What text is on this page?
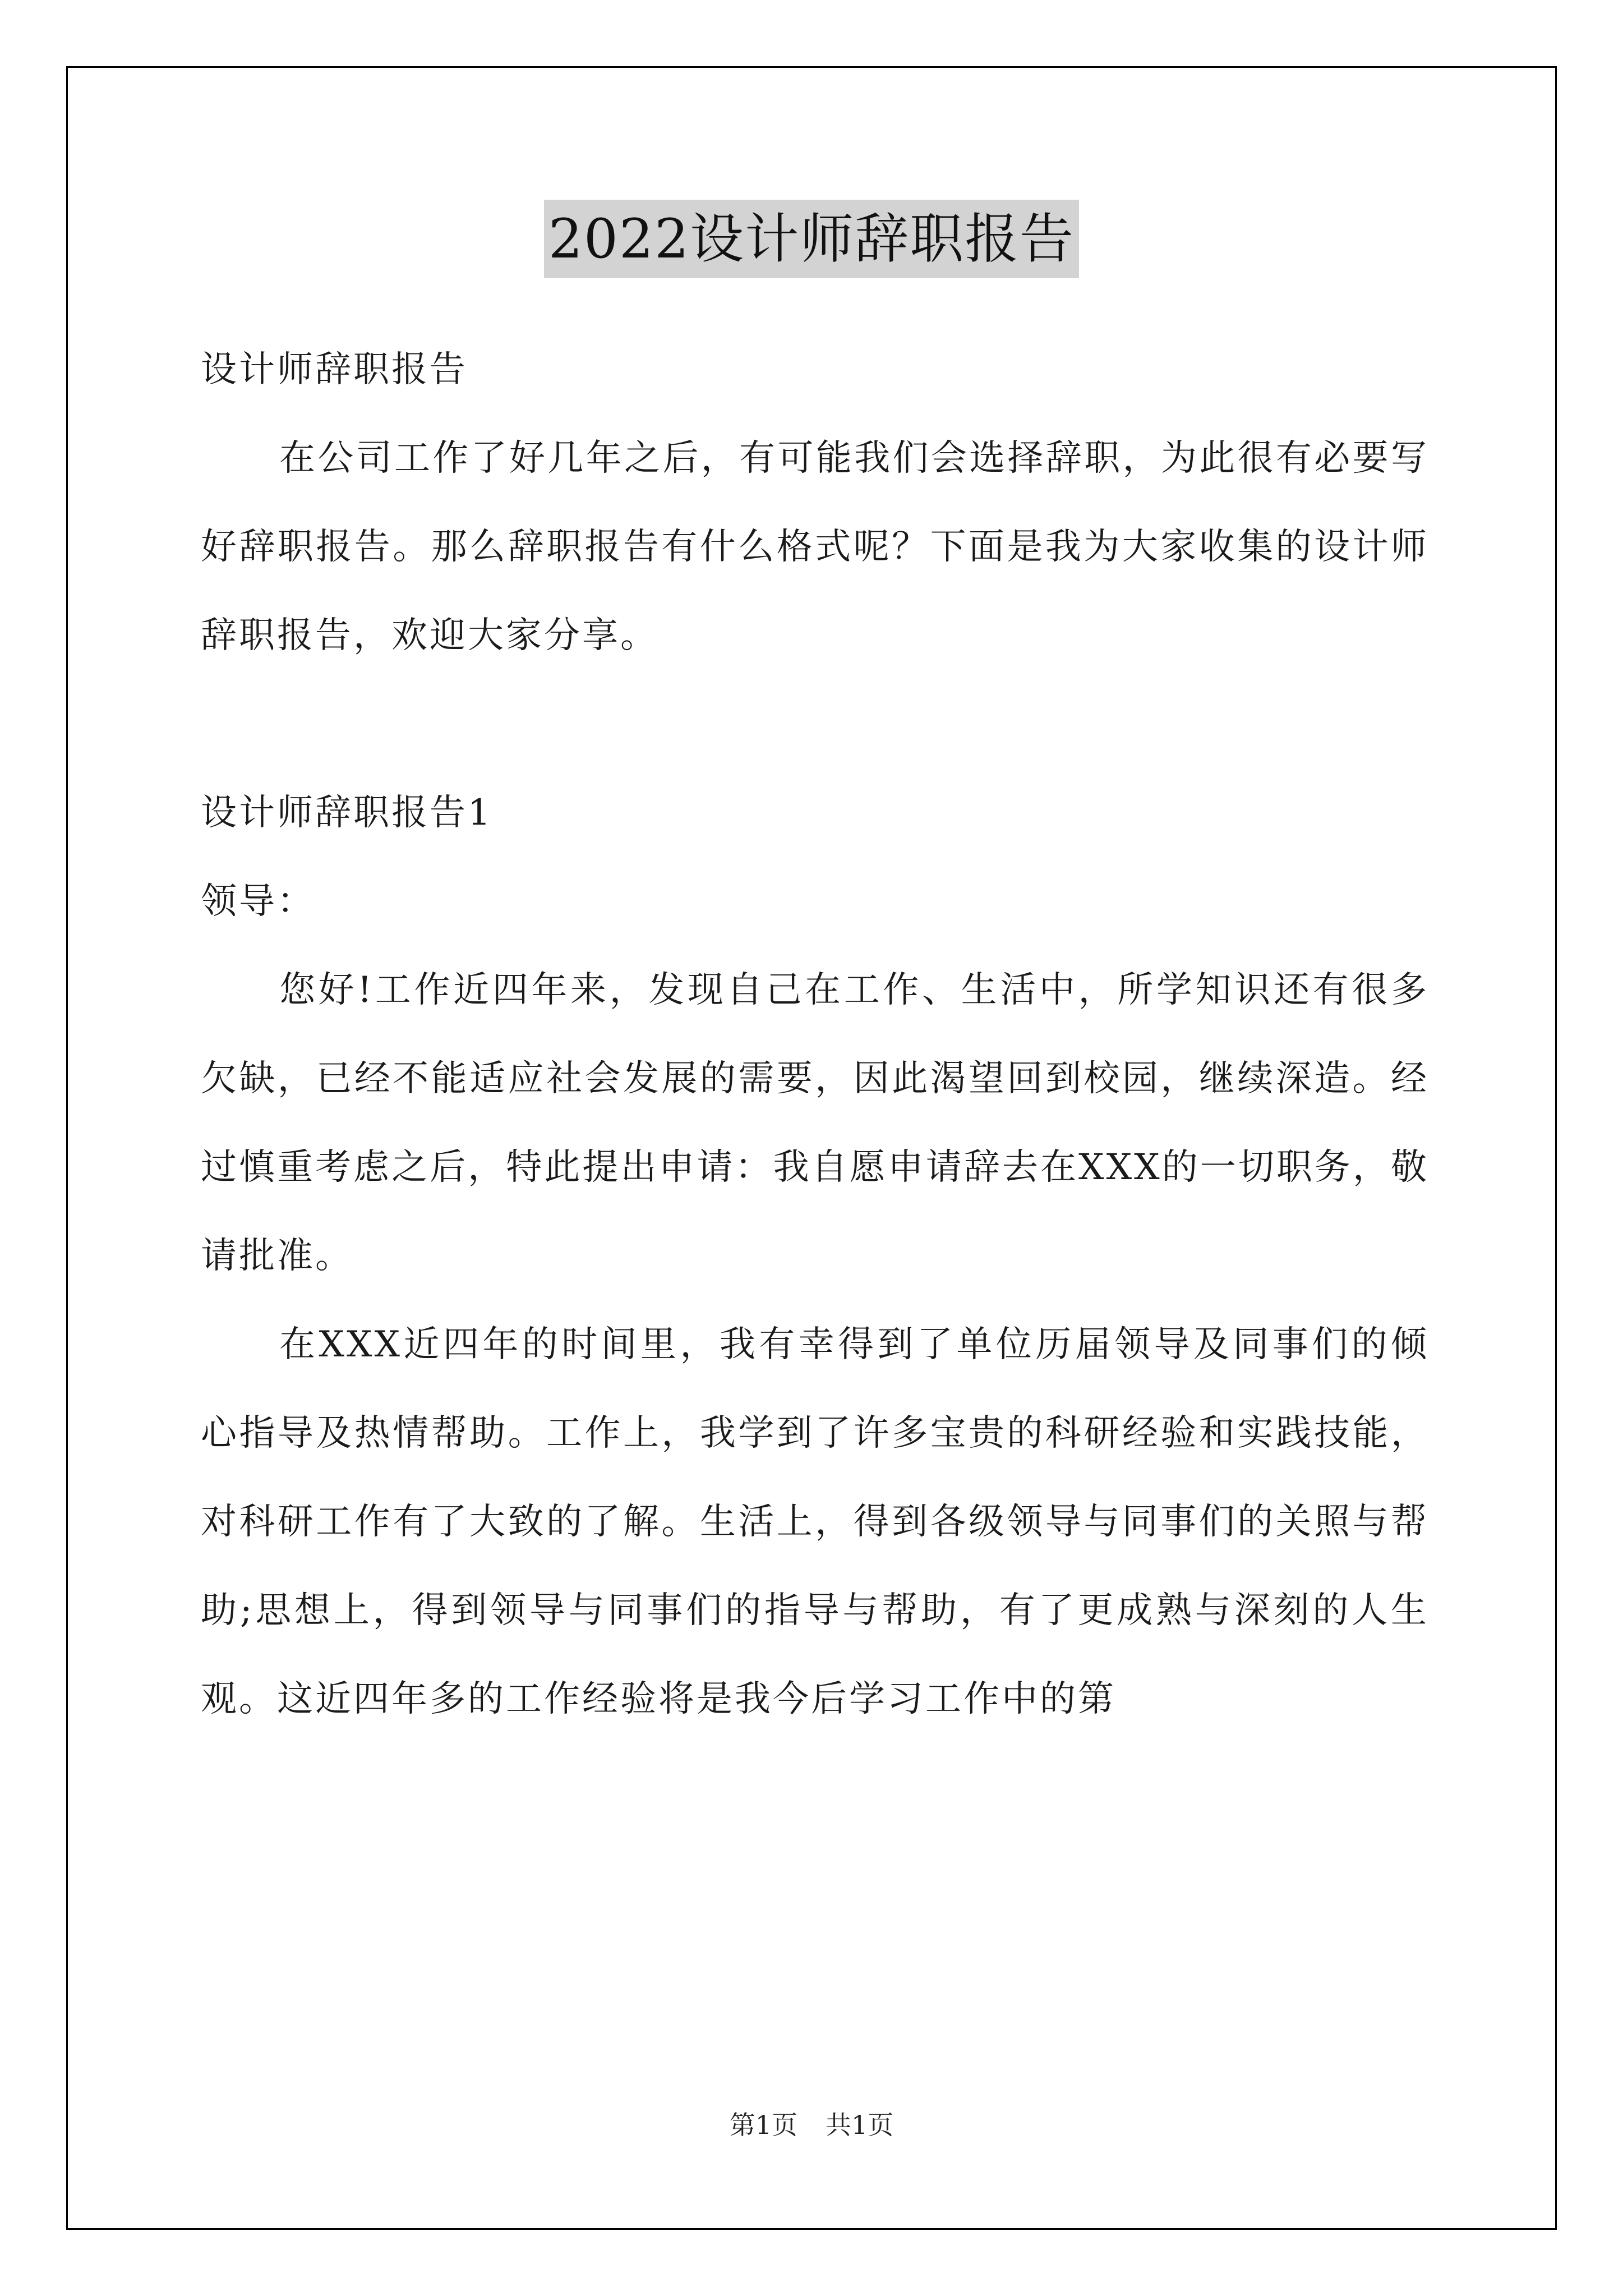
2022设计师辞职报告

设计师辞职报告

在公司工作了好几年之后，有可能我们会选择辞职，为此很有必要写好辞职报告。那么辞职报告有什么格式呢？下面是我为大家收集的设计师辞职报告，欢迎大家分享。

设计师辞职报告1

领导：

您好!工作近四年来，发现自己在工作、生活中，所学知识还有很多欠缺，已经不能适应社会发展的需要，因此渴望回到校园，继续深造。经过慎重考虑之后，特此提出申请：我自愿申请辞去在XXX的一切职务，敬请批准。

在XXX近四年的时间里，我有幸得到了单位历届领导及同事们的倾心指导及热情帮助。工作上，我学到了许多宝贵的科研经验和实践技能，对科研工作有了大致的了解。生活上，得到各级领导与同事们的关照与帮助;思想上，得到领导与同事们的指导与帮助，有了更成熟与深刻的人生观。这近四年多的工作经验将是我今后学习工作中的第

第1页 共1页
